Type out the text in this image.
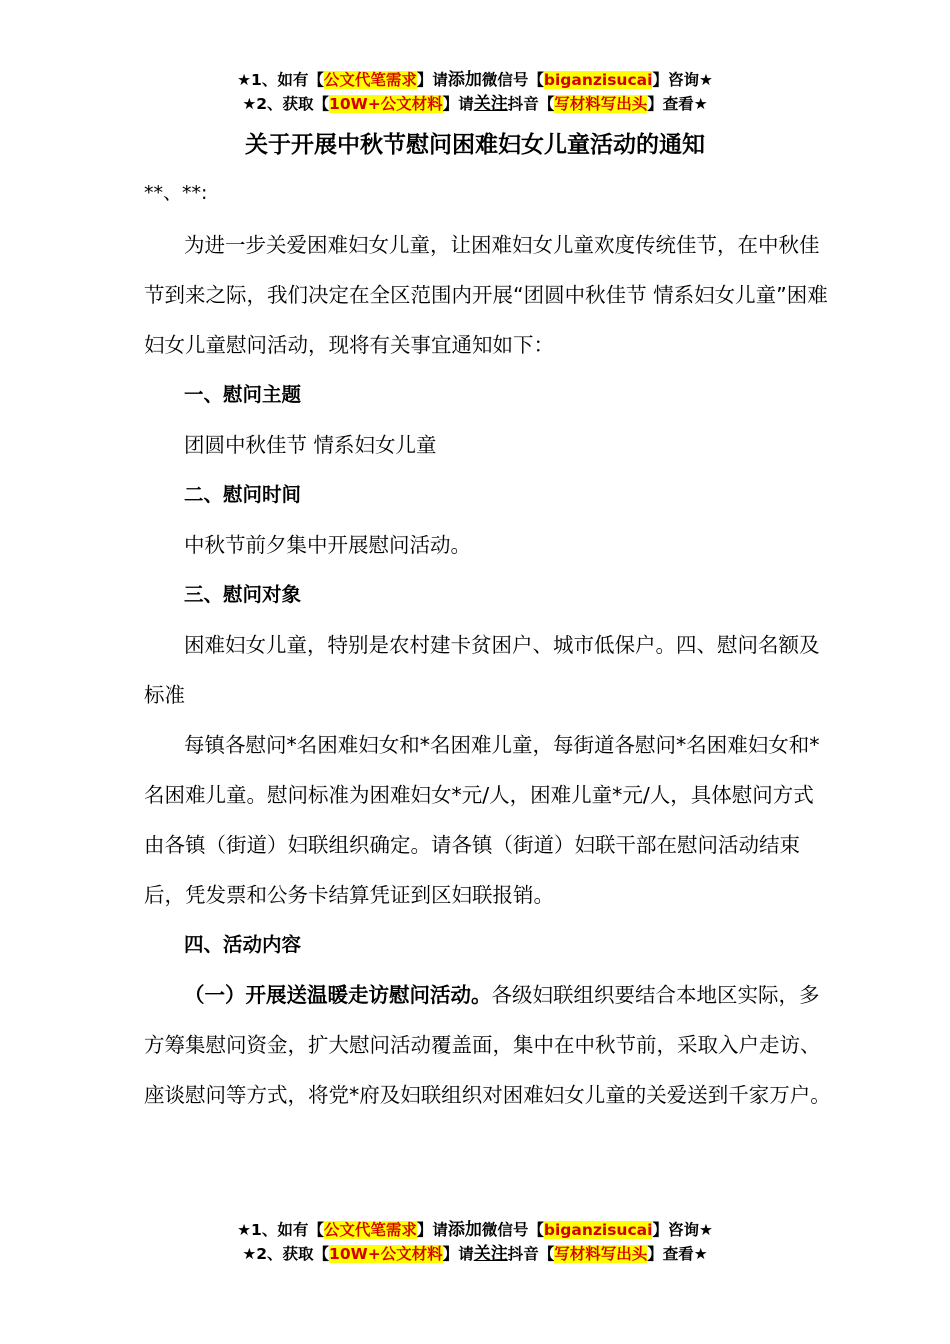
★1、如有【公文代笔需求】请添加微信号【biganzisucai】咨询★
★2、获取【10W+公文材料】请关注抖音【写材料写出头】查看★
关于开展中秋节慰问困难妇女儿童活动的通知
**、**:

为进一步关爱困难妇女儿童，让困难妇女儿童欢度传统佳节，在中秋佳节到来之际，我们决定在全区范围内开展“团圆中秋佳节 情系妇女儿童”困难妇女儿童慰问活动，现将有关事宜通知如下：

一、慰问主题

团圆中秋佳节 情系妇女儿童

二、慰问时间

中秋节前夕集中开展慰问活动。

三、慰问对象

困难妇女儿童，特别是农村建卡贫困户、城市低保户。四、慰问名额及标准

每镇各慰问*名困难妇女和*名困难儿童，每街道各慰问*名困难妇女和*名困难儿童。慰问标准为困难妇女*元/人，困难儿童*元/人，具体慰问方式由各镇（街道）妇联组织确定。请各镇（街道）妇联干部在慰问活动结束后，凭发票和公务卡结算凭证到区妇联报销。

四、活动内容

（一）开展送温暖走访慰问活动。各级妇联组织要结合本地区实际，多方筹集慰问资金，扩大慰问活动覆盖面，集中在中秋节前，采取入户走访、座谈慰问等方式，将党*府及妇联组织对困难妇女儿童的关爱送到千家万户。

★1、如有【公文代笔需求】请添加微信号【biganzisucai】咨询★
★2、获取【10W+公文材料】请关注抖音【写材料写出头】查看★
